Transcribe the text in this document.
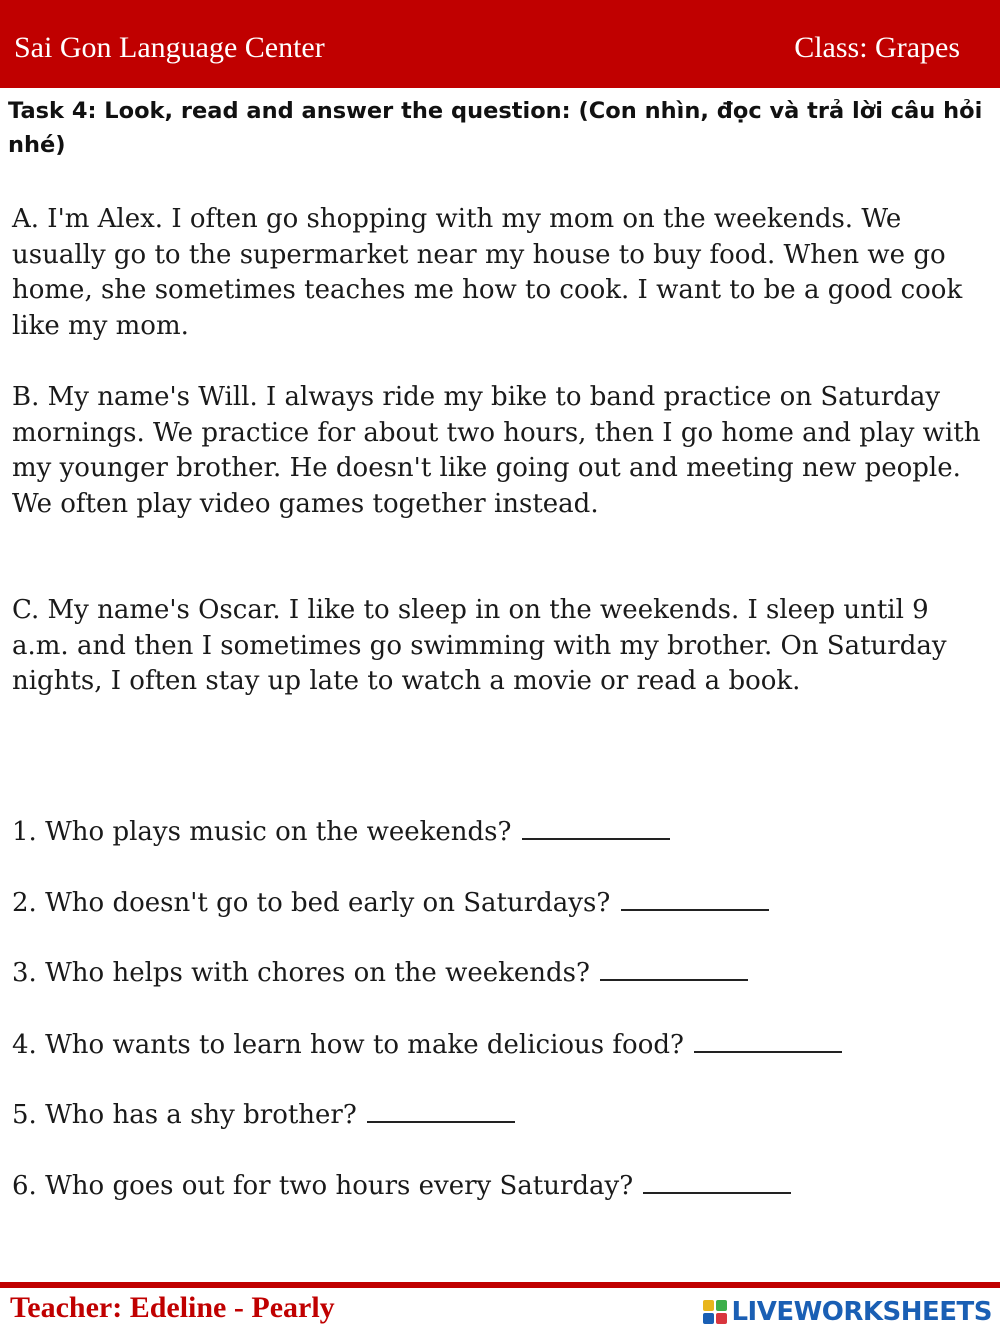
Sai Gon Language Center	Class: Grapes
Task 4: Look, read and answer the question: (Con nhìn, đọc và trả lời câu hỏi nhé)
A. I'm Alex. I often go shopping with my mom on the weekends. We usually go to the supermarket near my house to buy food. When we go home, she sometimes teaches me how to cook. I want to be a good cook like my mom.
B. My name's Will. I always ride my bike to band practice on Saturday mornings. We practice for about two hours, then I go home and play with my younger brother. He doesn't like going out and meeting new people. We often play video games together instead.
C. My name's Oscar. I like to sleep in on the weekends. I sleep until 9 a.m. and then I sometimes go swimming with my brother. On Saturday nights, I often stay up late to watch a movie or read a book.
1. Who plays music on the weekends?
2. Who doesn't go to bed early on Saturdays?
3. Who helps with chores on the weekends?
4. Who wants to learn how to make delicious food?
5. Who has a shy brother?
6. Who goes out for two hours every Saturday?
Teacher: Edeline - Pearly	LIVEWORKSHEETS
